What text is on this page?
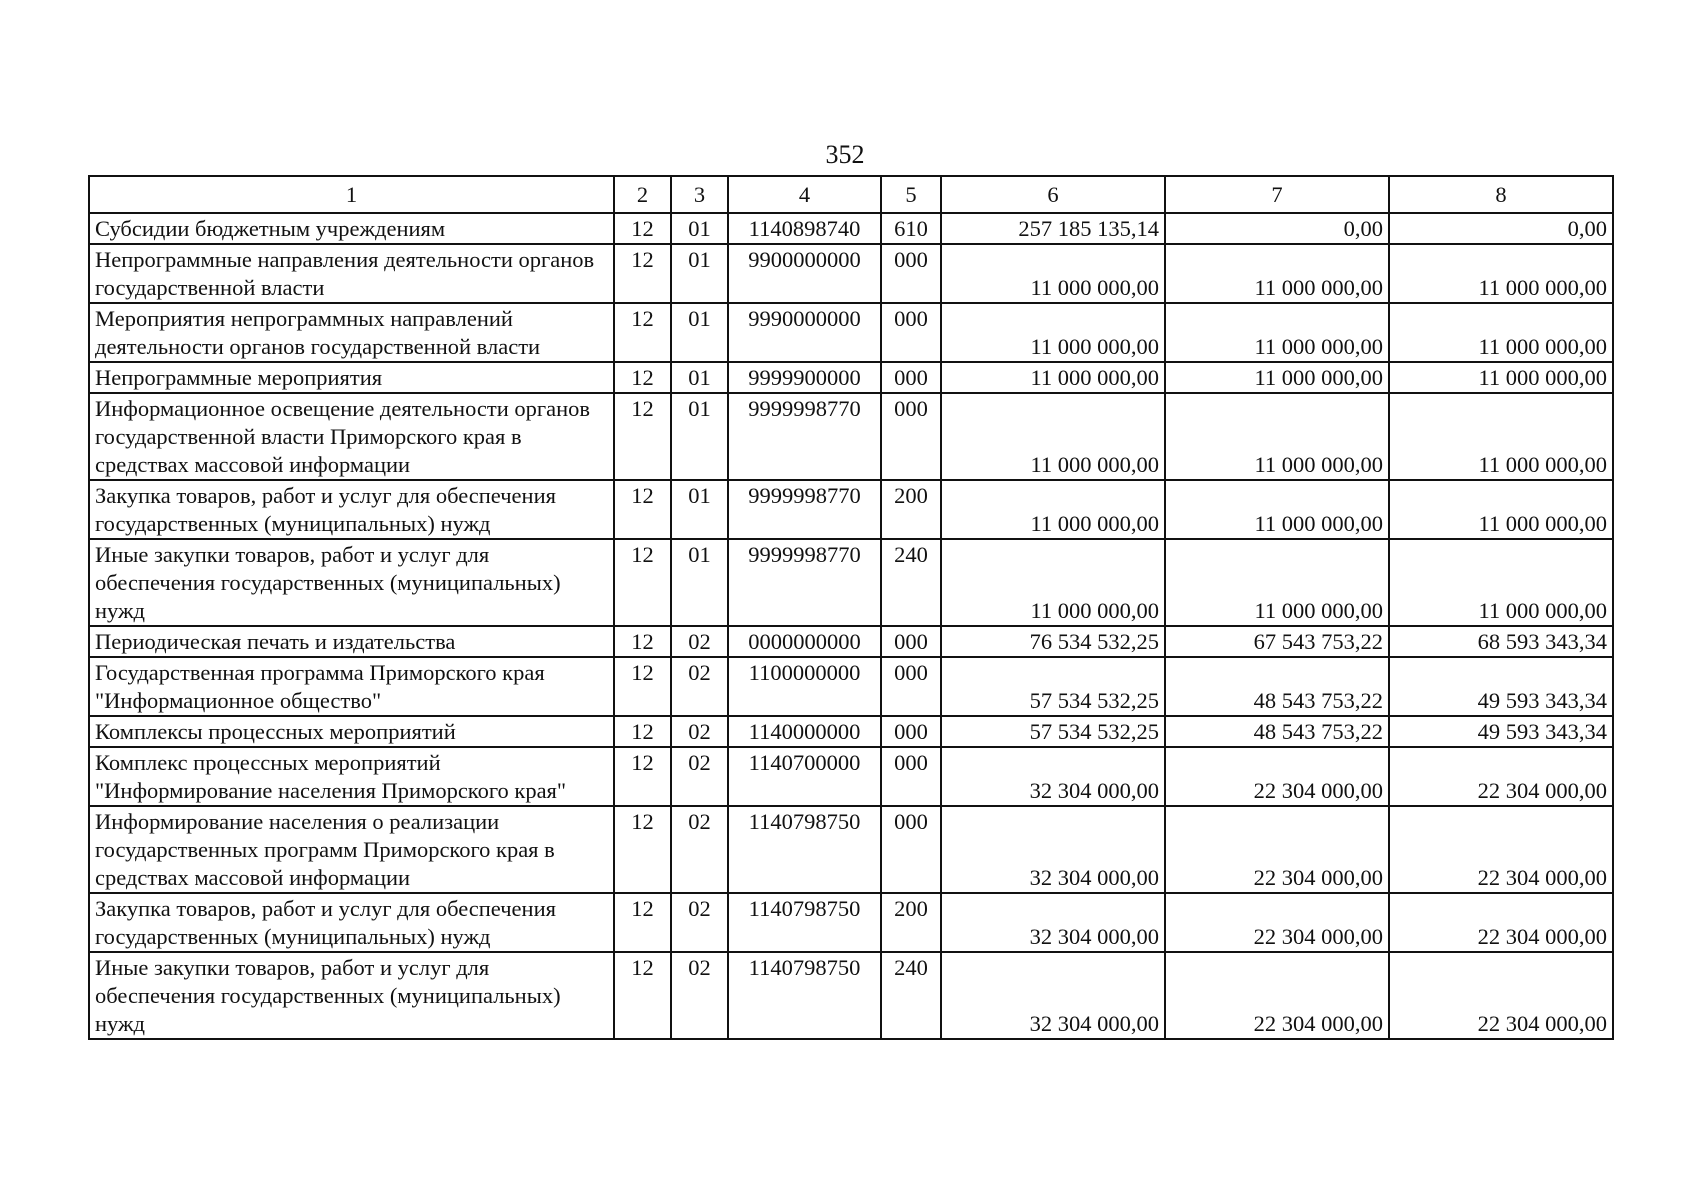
352
1	2	3	4	5	6	7	8
Субсидии бюджетным учреждениям	12	01	1140898740	610	257 185 135,14	0,00	0,00
Непрограммные направления деятельности органов государственной власти	12	01	9900000000	000	11 000 000,00	11 000 000,00	11 000 000,00
Мероприятия непрограммных направлений деятельности органов государственной власти	12	01	9990000000	000	11 000 000,00	11 000 000,00	11 000 000,00
Непрограммные мероприятия	12	01	9999900000	000	11 000 000,00	11 000 000,00	11 000 000,00
Информационное освещение деятельности органов государственной власти Приморского края в средствах массовой информации	12	01	9999998770	000	11 000 000,00	11 000 000,00	11 000 000,00
Закупка товаров, работ и услуг для обеспечения государственных (муниципальных) нужд	12	01	9999998770	200	11 000 000,00	11 000 000,00	11 000 000,00
Иные закупки товаров, работ и услуг для обеспечения государственных (муниципальных) нужд	12	01	9999998770	240	11 000 000,00	11 000 000,00	11 000 000,00
Периодическая печать и издательства	12	02	0000000000	000	76 534 532,25	67 543 753,22	68 593 343,34
Государственная программа Приморского края "Информационное общество"	12	02	1100000000	000	57 534 532,25	48 543 753,22	49 593 343,34
Комплексы процессных мероприятий	12	02	1140000000	000	57 534 532,25	48 543 753,22	49 593 343,34
Комплекс процессных мероприятий "Информирование населения Приморского края"	12	02	1140700000	000	32 304 000,00	22 304 000,00	22 304 000,00
Информирование населения о реализации государственных программ Приморского края в средствах массовой информации	12	02	1140798750	000	32 304 000,00	22 304 000,00	22 304 000,00
Закупка товаров, работ и услуг для обеспечения государственных (муниципальных) нужд	12	02	1140798750	200	32 304 000,00	22 304 000,00	22 304 000,00
Иные закупки товаров, работ и услуг для обеспечения государственных (муниципальных) нужд	12	02	1140798750	240	32 304 000,00	22 304 000,00	22 304 000,00
